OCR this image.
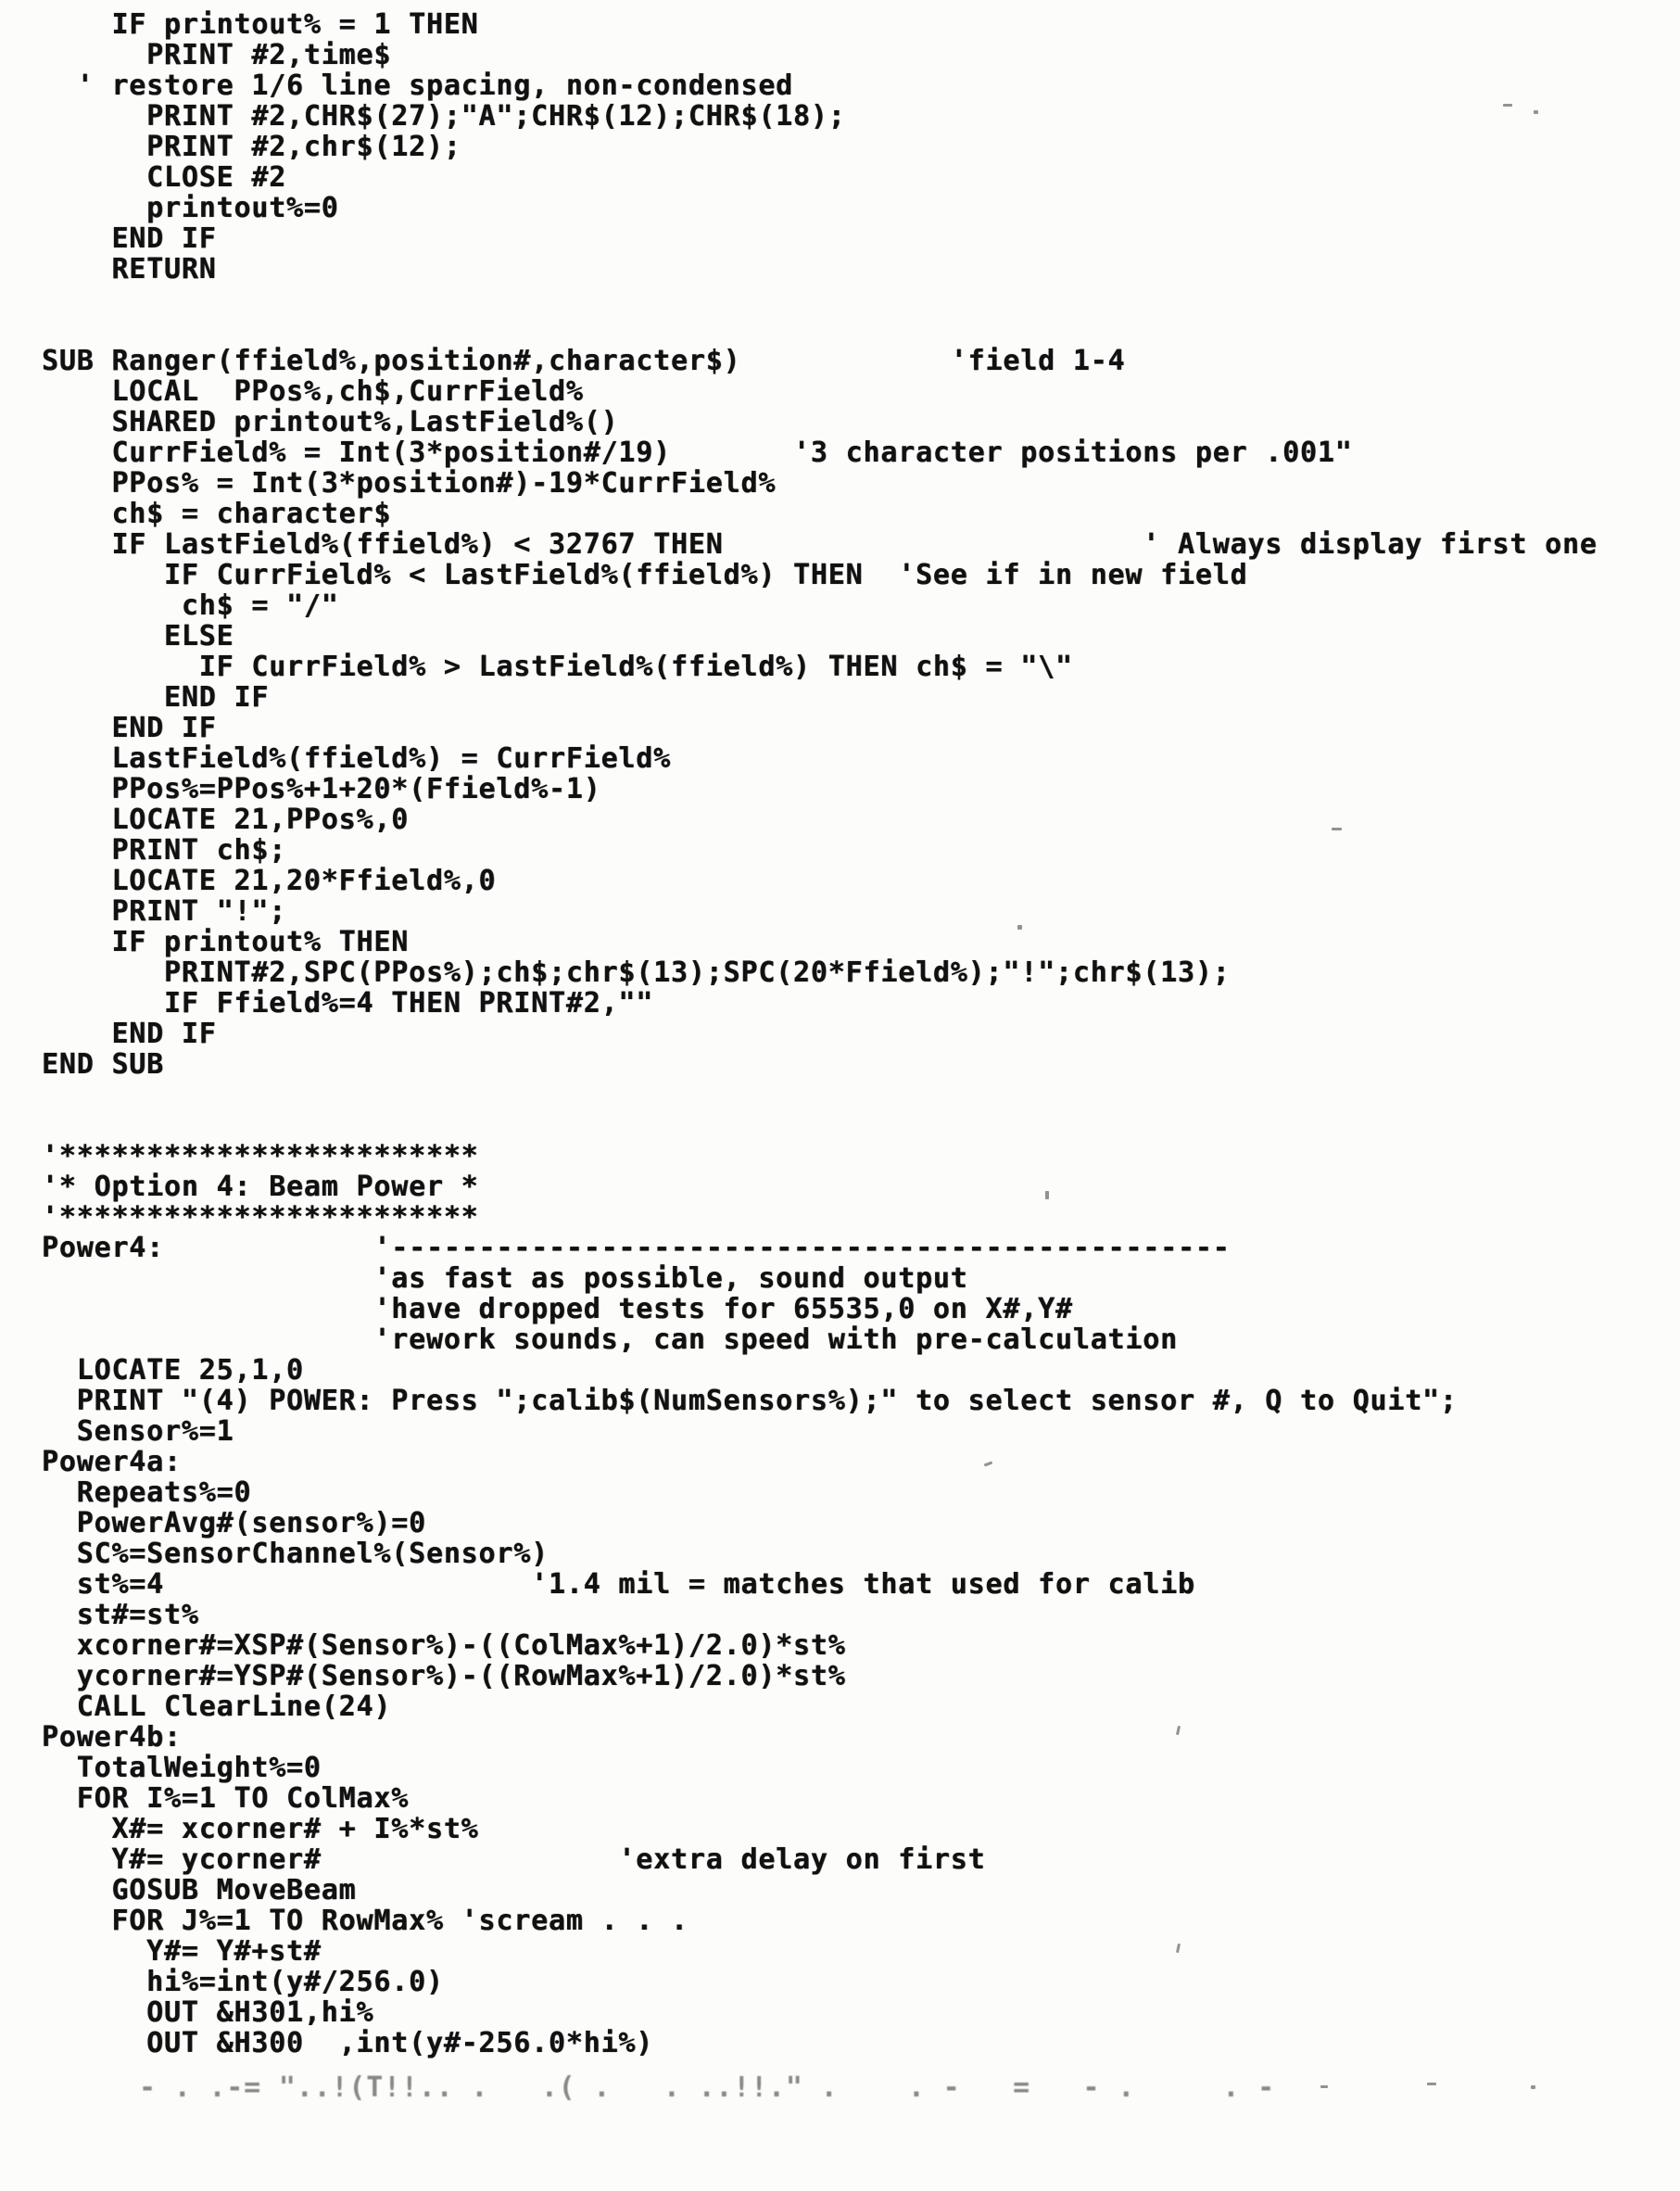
IF printout% = 1 THEN
PRINT #2,time$
' restore 1/6 line spacing, non-condensed
PRINT #2,CHR$(27);"A";CHR$(12);CHR$(18);
PRINT #2,chr$(12);
CLOSE #2
printout%=0
END IF
RETURN

SUB Ranger(ffield%,position#,character$)            'field 1-4
LOCAL  PPos%,ch$,CurrField%
SHARED printout%,LastField%()
CurrField% = Int(3*position#/19)       '3 character positions per .001"
PPos% = Int(3*position#)-19*CurrField%
ch$ = character$
IF LastField%(ffield%) < 32767 THEN                        ' Always display first one
IF CurrField% < LastField%(ffield%) THEN  'See if in new field
ch$ = "/"
ELSE
IF CurrField% > LastField%(ffield%) THEN ch$ = "\"
END IF
END IF
LastField%(ffield%) = CurrField%
PPos%=PPos%+1+20*(Ffield%-1)
LOCATE 21,PPos%,0
PRINT ch$;
LOCATE 21,20*Ffield%,0
PRINT "!";
IF printout% THEN
PRINT#2,SPC(PPos%);ch$;chr$(13);SPC(20*Ffield%);"!";chr$(13);
IF Ffield%=4 THEN PRINT#2,""
END IF
END SUB

'************************
'* Option 4: Beam Power *
'************************
Power4:            '------------------------------------------------
'as fast as possible, sound output
'have dropped tests for 65535,0 on X#,Y#
'rework sounds, can speed with pre-calculation
LOCATE 25,1,0
PRINT "(4) POWER: Press ";calib$(NumSensors%);" to select sensor #, Q to Quit";
Sensor%=1
Power4a:
Repeats%=0
PowerAvg#(sensor%)=0
SC%=SensorChannel%(Sensor%)
st%=4                     '1.4 mil = matches that used for calib
st#=st%
xcorner#=XSP#(Sensor%)-((ColMax%+1)/2.0)*st%
ycorner#=YSP#(Sensor%)-((RowMax%+1)/2.0)*st%
CALL ClearLine(24)
Power4b:
TotalWeight%=0
FOR I%=1 TO ColMax%
X#= xcorner# + I%*st%
Y#= ycorner#                 'extra delay on first
GOSUB MoveBeam
FOR J%=1 TO RowMax% 'scream . . .
Y#= Y#+st#
hi%=int(y#/256.0)
OUT &H301,hi%
OUT &H300  ,int(y#-256.0*hi%)
- . .-= "..!(T!!.. .   .( .   . ..!!." .    . -   =   - .     . -
